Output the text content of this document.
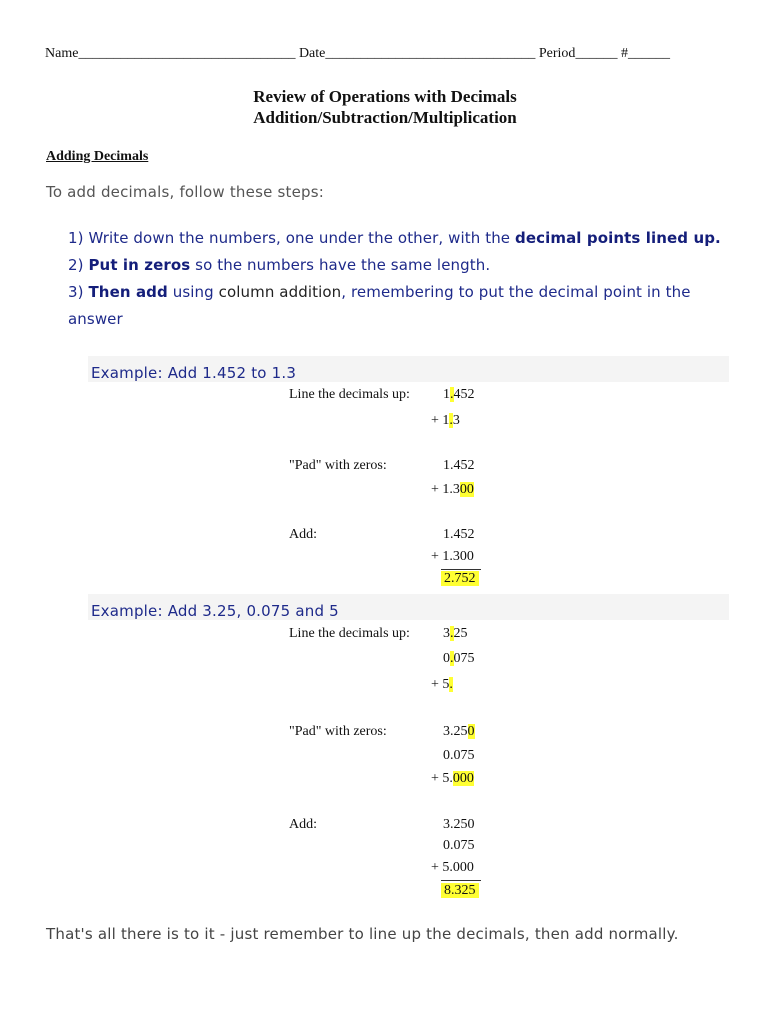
Name_______________________________ Date______________________________ Period______ #______
Review of Operations with Decimals
Addition/Subtraction/Multiplication
Adding Decimals
To add decimals, follow these steps:
1) Write down the numbers, one under the other, with the decimal points lined up.
2) Put in zeros so the numbers have the same length.
3) Then add using column addition, remembering to put the decimal point in the
answer
Example: Add 1.452 to 1.3
Line the decimals up: 1.452
+ 1.3
"Pad" with zeros:	1.452
+ 1.300
Add:	1.452
+ 1.300
2.752
Example: Add 3.25, 0.075 and 5
Line the decimals up: 3.25
0.075
+ 5.
"Pad" with zeros:	3.250
0.075
+ 5.000
Add:	3.250
0.075
+ 5.000
8.325
That's all there is to it - just remember to line up the decimals, then add normally.
